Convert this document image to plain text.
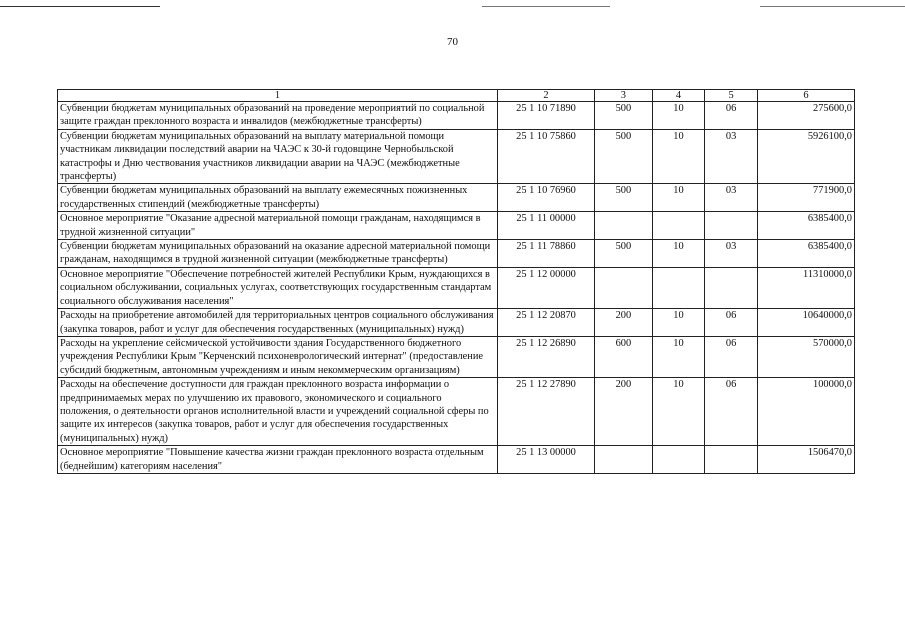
70
1	2	3	4	5	6
Субвенции бюджетам муниципальных образований на проведение мероприятий по социальной защите граждан преклонного возраста и инвалидов (межбюджетные трансферты)	25 1 10 71890	500	10	06	275600,0
Субвенции бюджетам муниципальных образований на выплату материальной помощи участникам ликвидации последствий аварии на ЧАЭС к 30-й годовщине Чернобыльской катастрофы и Дню чествования участников ликвидации аварии на ЧАЭС (межбюджетные трансферты)	25 1 10 75860	500	10	03	5926100,0
Субвенции бюджетам муниципальных образований на выплату ежемесячных пожизненных государственных стипендий (межбюджетные трансферты)	25 1 10 76960	500	10	03	771900,0
Основное мероприятие "Оказание адресной материальной помощи гражданам, находящимся в трудной жизненной ситуации"	25 1 11 00000				6385400,0
Субвенции бюджетам муниципальных образований на оказание адресной материальной помощи гражданам, находящимся в трудной жизненной ситуации (межбюджетные трансферты)	25 1 11 78860	500	10	03	6385400,0
Основное мероприятие "Обеспечение потребностей жителей Республики Крым, нуждающихся в социальном обслуживании, социальных услугах, соответствующих государственным стандартам социального обслуживания населения"	25 1 12 00000				11310000,0
Расходы на приобретение автомобилей для территориальных центров социального обслуживания (закупка товаров, работ и услуг для обеспечения государственных (муниципальных) нужд)	25 1 12 20870	200	10	06	10640000,0
Расходы на укрепление сейсмической устойчивости здания Государственного бюджетного учреждения Республики Крым "Керченский психоневрологический интернат" (предоставление субсидий бюджетным, автономным учреждениям и иным некоммерческим организациям)	25 1 12 26890	600	10	06	570000,0
Расходы на обеспечение доступности для граждан преклонного возраста информации о предпринимаемых мерах по улучшению их правового, экономического и социального положения, о деятельности органов исполнительной власти и учреждений социальной сферы по защите их интересов (закупка товаров, работ и услуг для обеспечения государственных (муниципальных) нужд)	25 1 12 27890	200	10	06	100000,0
Основное мероприятие "Повышение качества жизни граждан преклонного возраста отдельным (беднейшим) категориям населения"	25 1 13 00000				1506470,0
